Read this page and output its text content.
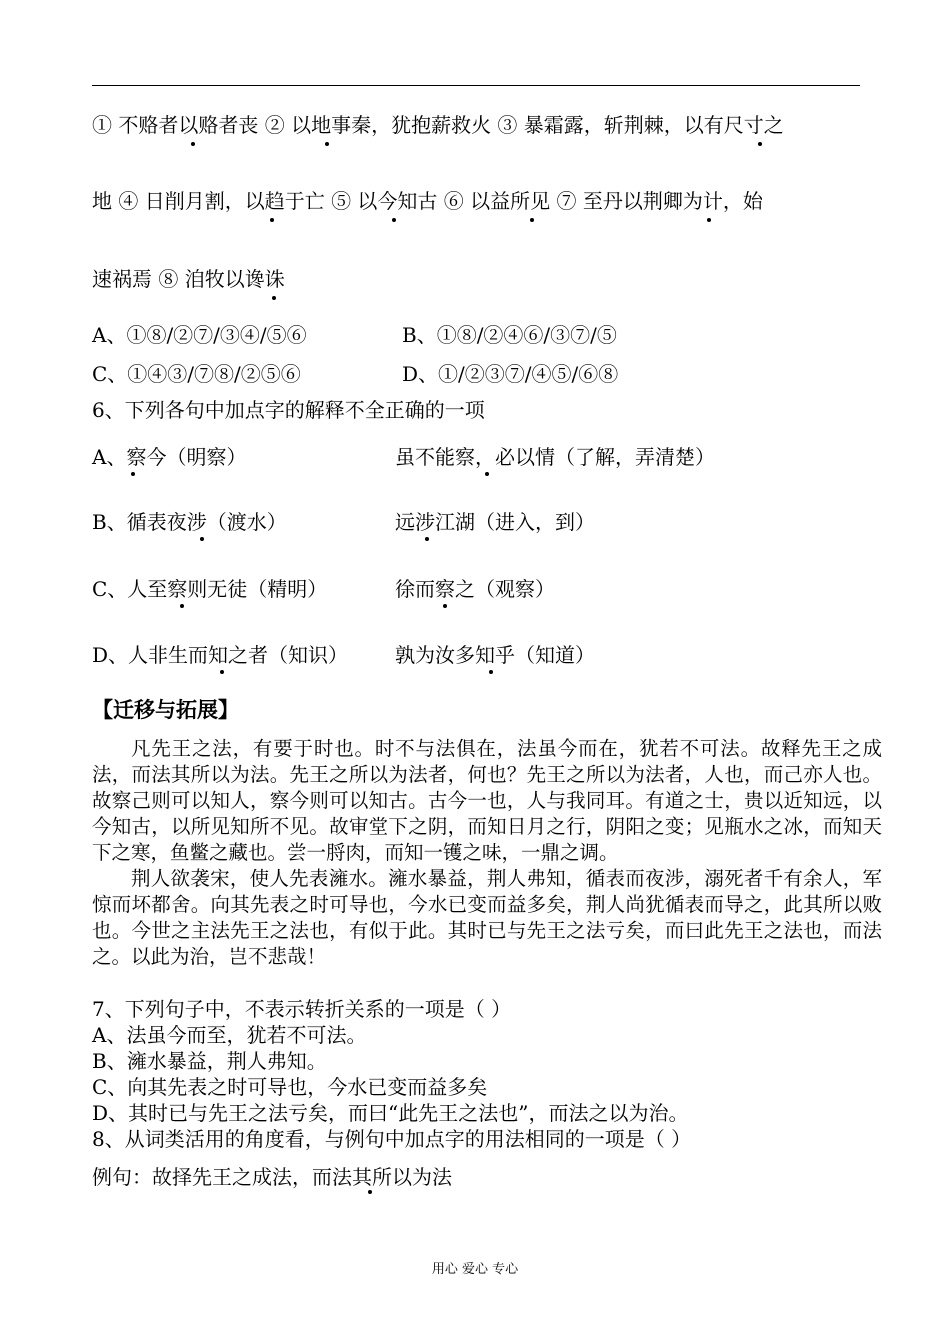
① 不赂者以赂者丧 ② 以地事秦，犹抱薪救火 ③ 暴霜露，斩荆棘，以有尺寸之
地 ④ 日削月割，以趋于亡 ⑤ 以今知古 ⑥ 以益所见 ⑦ 至丹以荆卿为计，始
速祸焉 ⑧ 洎牧以谗诛
A、①⑧/②⑦/③④/⑤⑥	B、①⑧/②④⑥/③⑦/⑤
C、①④③/⑦⑧/②⑤⑥	D、①/②③⑦/④⑤/⑥⑧
6、下列各句中加点字的解释不全正确的一项
A、察今（明察）	虽不能察，必以情（了解，弄清楚）
B、循表夜涉（渡水）	远涉江湖（进入，到）
C、人至察则无徒（精明）	徐而察之（观察）
D、人非生而知之者（知识） 孰为汝多知乎（知道）
【迁移与拓展】

凡先王之法，有要于时也。时不与法俱在，法虽今而在，犹若不可法。故释先王之成法，而法其所以为法。先王之所以为法者，何也？先王之所以为法者，人也，而己亦人也。故察己则可以知人，察今则可以知古。古今一也，人与我同耳。有道之士，贵以近知远，以今知古，以所见知所不见。故审堂下之阴，而知日月之行，阴阳之变；见瓶水之冰，而知天下之寒，鱼鳖之藏也。尝一脟肉，而知一镬之味，一鼎之调。

荆人欲袭宋，使人先表澭水。澭水暴益，荆人弗知，循表而夜涉，溺死者千有余人，军惊而坏都舍。向其先表之时可导也，今水已变而益多矣，荆人尚犹循表而导之，此其所以败也。今世之主法先王之法也，有似于此。其时已与先王之法亏矣，而曰此先王之法也，而法之。以此为治，岂不悲哉！

7、下列句子中，不表示转折关系的一项是（ ）
A、法虽今而至，犹若不可法。
B、澭水暴益，荆人弗知。
C、向其先表之时可导也，今水已变而益多矣
D、其时已与先王之法亏矣，而曰“此先王之法也”，而法之以为治。
8、从词类活用的角度看，与例句中加点字的用法相同的一项是（ ）
例句：故择先王之成法，而法其所以为法
用心 爱心 专心
